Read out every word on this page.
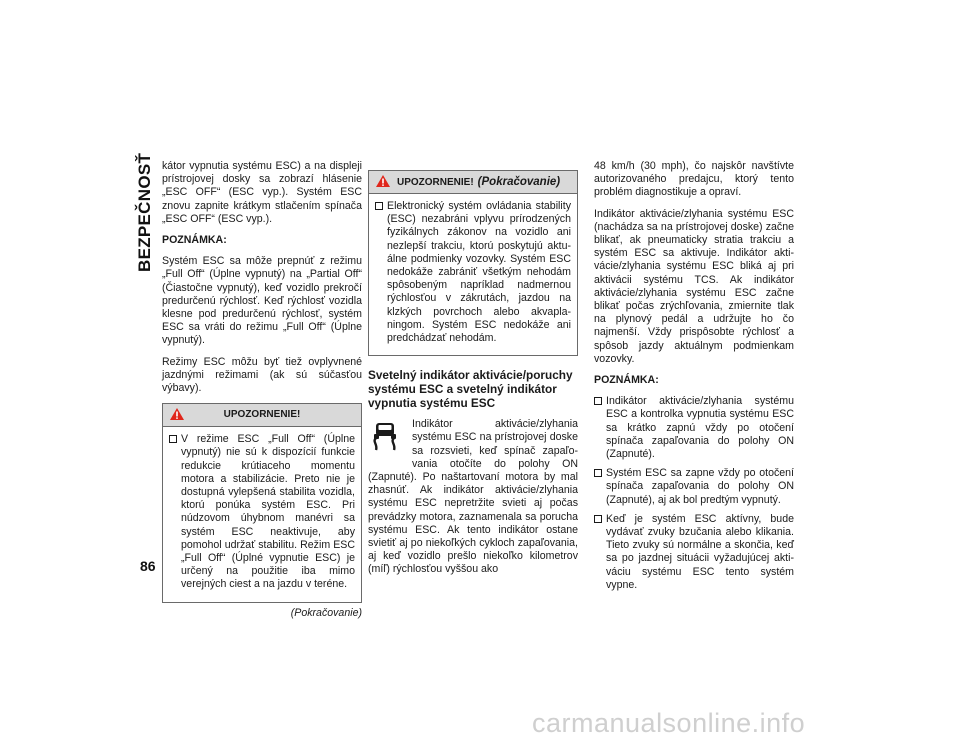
BEZPEČNOSŤ
86

kátor vypnutia systému ESC) a na displeji prístrojovej dosky sa zobrazí hlásenie „ESC OFF“ (ESC vyp.). Systém ESC znovu zapnite krátkym stlačením spínača „ESC OFF“ (ESC vyp.).

POZNÁMKA:

Systém ESC sa môže prepnúť z režimu „Full Off“ (Úplne vypnutý) na „Partial Off“ (Čiastočne vypnutý), keď vozidlo prekročí predurčenú rýchlosť. Keď rýchlosť vozidla klesne pod predurčenú rýchlosť, systém ESC sa vráti do režimu „Full Off“ (Úplne vypnutý).

Režimy ESC môžu byť tiež ovplyvnené jazdnými režimami (ak sú súčasťou výbavy).

UPOZORNENIE!
V režime ESC „Full Off“ (Úplne vypnutý) nie sú k dispozícií funkcie redukcie krútiaceho momentu motora a stabilizácie. Preto nie je dostupná vylepšená stabilita vozidla, ktorú ponúka systém ESC. Pri núdzovom úhybnom manévri sa systém ESC neaktivuje, aby pomohol udržať stabilitu. Režim ESC „Full Off“ (Úplné vypnutie ESC) je určený na použitie iba mimo verejných ciest a na jazdu v teréne.
(Pokračovanie)
UPOZORNENIE! (Pokračovanie)
Elektronický systém ovládania stability (ESC) nezabráni vplyvu prírodzených fyzikálnych zákonov na vozidlo ani nezlepší trakciu, ktorú poskytujú aktuálne podmienky vozovky. Systém ESC nedokáže zabrániť všetkým nehodám spôsobeným napríklad nadmernou rýchlosťou v zákrutách, jazdou na klzkých povrchoch alebo akvaplaningom. Systém ESC nedokáže ani predchádzať nehodám.
Svetelný indikátor aktivácie/poruchy systému ESC a svetelný indikátor vypnutia systému ESC
Indikátor aktivácie/zlyhania systému ESC na prístrojovej doske sa rozsvieti, keď spínač zapaľovania otočíte do polohy ON (Zapnuté). Po naštartovaní motora by mal zhasnúť. Ak indikátor aktivácie/zlyhania systému ESC nepretržite svieti aj počas prevádzky motora, zaznamenala sa porucha systému ESC. Ak tento indikátor ostane svietiť aj po niekoľkých cykloch zapaľovania, aj keď vozidlo prešlo niekoľko kilometrov (míľ) rýchlosťou vyššou ako

48 km/h (30 mph), čo najskôr navštívte autorizovaného predajcu, ktorý tento problém diagnostikuje a opraví.

Indikátor aktivácie/zlyhania systému ESC (nachádza sa na prístrojovej doske) začne blikať, ak pneumaticky stratia trakciu a systém ESC sa aktivuje. Indikátor aktivácie/zlyhania systému ESC bliká aj pri aktivácii systému TCS. Ak indikátor aktivácie/zlyhania systému ESC začne blikať počas zrýchľovania, zmiernite tlak na plynový pedál a udržujte ho čo najmenší. Vždy prispôsobte rýchlosť a spôsob jazdy aktuálnym podmienkam vozovky.

POZNÁMKA:

Indikátor aktivácie/zlyhania systému ESC a kontrolka vypnutia systému ESC sa krátko zapnú vždy po otočení spínača zapaľovania do polohy ON (Zapnuté).
Systém ESC sa zapne vždy po otočení spínača zapaľovania do polohy ON (Zapnuté), aj ak bol predtým vypnutý.
Keď je systém ESC aktívny, bude vydávať zvuky bzučania alebo klikania. Tieto zvuky sú normálne a skončia, keď sa po jazdnej situácii vyžadujúcej aktiváciu systému ESC tento systém vypne.
carmanualsonline.info
